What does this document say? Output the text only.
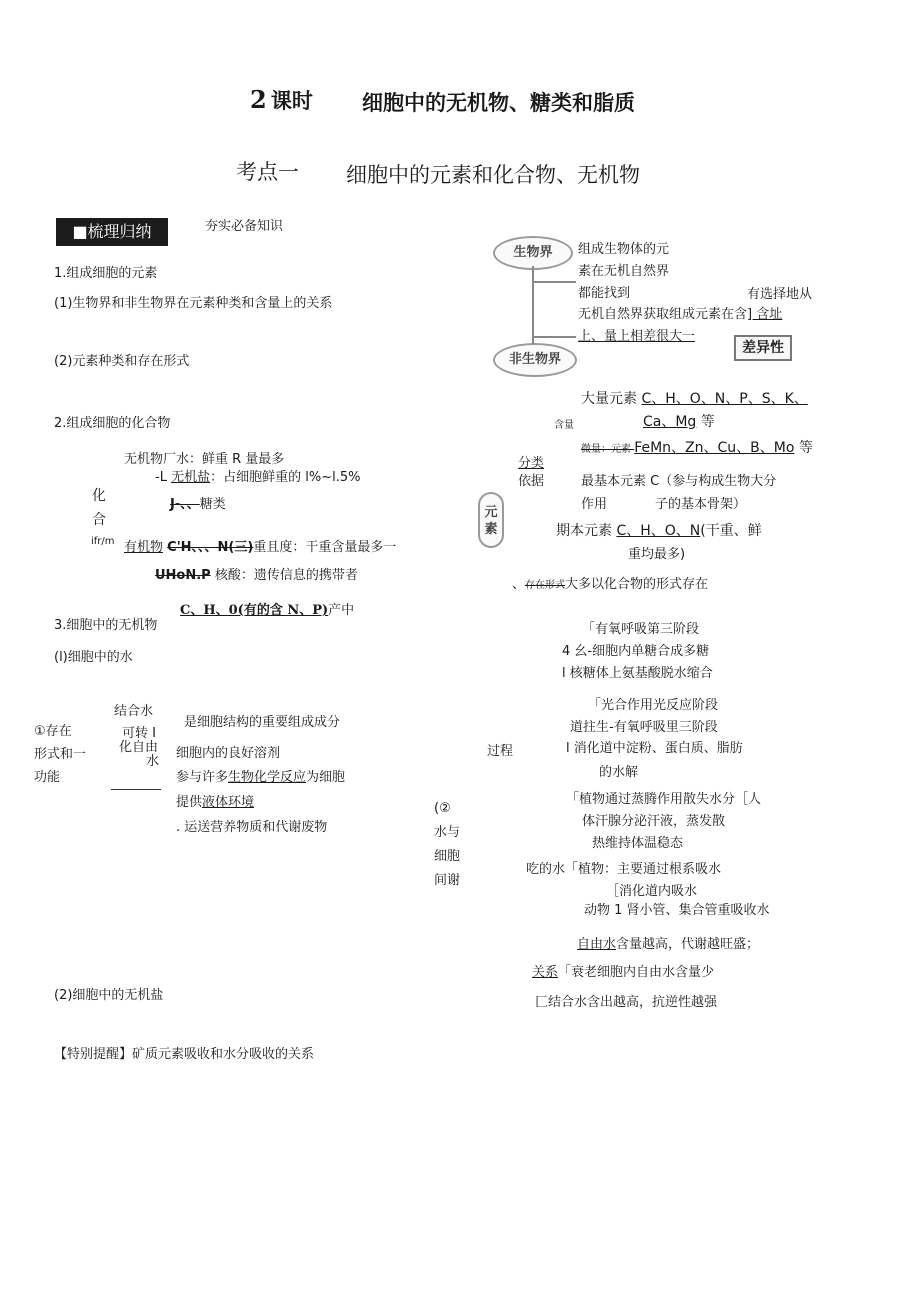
2 课时 细胞中的无机物、糖类和脂质
考点一 细胞中的元素和化合物、无机物
■梳理归纳	夯实必备知识
1.组成细胞的元素
(1)生物界和非生物界在元素种类和含量上的关系
(2)元素种类和存在形式
2.组成细胞的化合物
无机物厂水：鲜重 R 量最多
-L 无机盐：占细胞鲜重的 l%~l.5%
化
合
ifr/m
J-、、糖类
有机物 C'H、、、N(三)重且度：干重含量最多一
UHoN.P 核酸：遗传信息的携带者
C、H、0(有的含 N、P)产中
3.细胞中的无机物
(l)细胞中的水
①存在
形式和一
功能
结合水
可转 I
化自由
水
是细胞结构的重要组成成分
细胞内的良好溶剂
参与许多生物化学反应为细胞
提供液体环境
. 运送营养物质和代谢废物
(2)细胞中的无机盐
【特别提醒】矿质元素吸收和水分吸收的关系
生物界
非生物界
组成生物体的元
素在无机自然界
都能找到	有选择地从
无机自然界获取组成元素在含] 含址
上、量上相差很大一
差异性
大量元素 C、H、O、N、P、S、K、
Ca、Mg 等
含量
微量：元素 FeMn、Zn、Cu、B、Mo 等
分类
依据	最基本元素 C（参与构成生物大分
作用	子的基本骨架）
元素	期本元素 C、H、O、N(干重、鲜
重均最多)
、存在形式大多以化合物的形式存在
「有氧呼吸第三阶段
4 幺-细胞内单糖合成多糖
l 核糖体上氨基酸脱水缩合
「光合作用光反应阶段
道拄生-有氧呼吸里三阶段
l 消化道中淀粉、蛋白质、脂肪
的水解
过程
(②
水与
细胞
间谢
「植物通过蒸腾作用散失水分［人
体汗腺分泌汗液，蒸发散
热维持体温稳态
吃的水「植物：主要通过根系吸水
［消化道内吸水
动物 1 肾小管、集合管重吸收水
自由水含量越高，代谢越旺盛；
关系「衰老细胞内自由水含量少
匚结合水含出越高，抗逆性越强
